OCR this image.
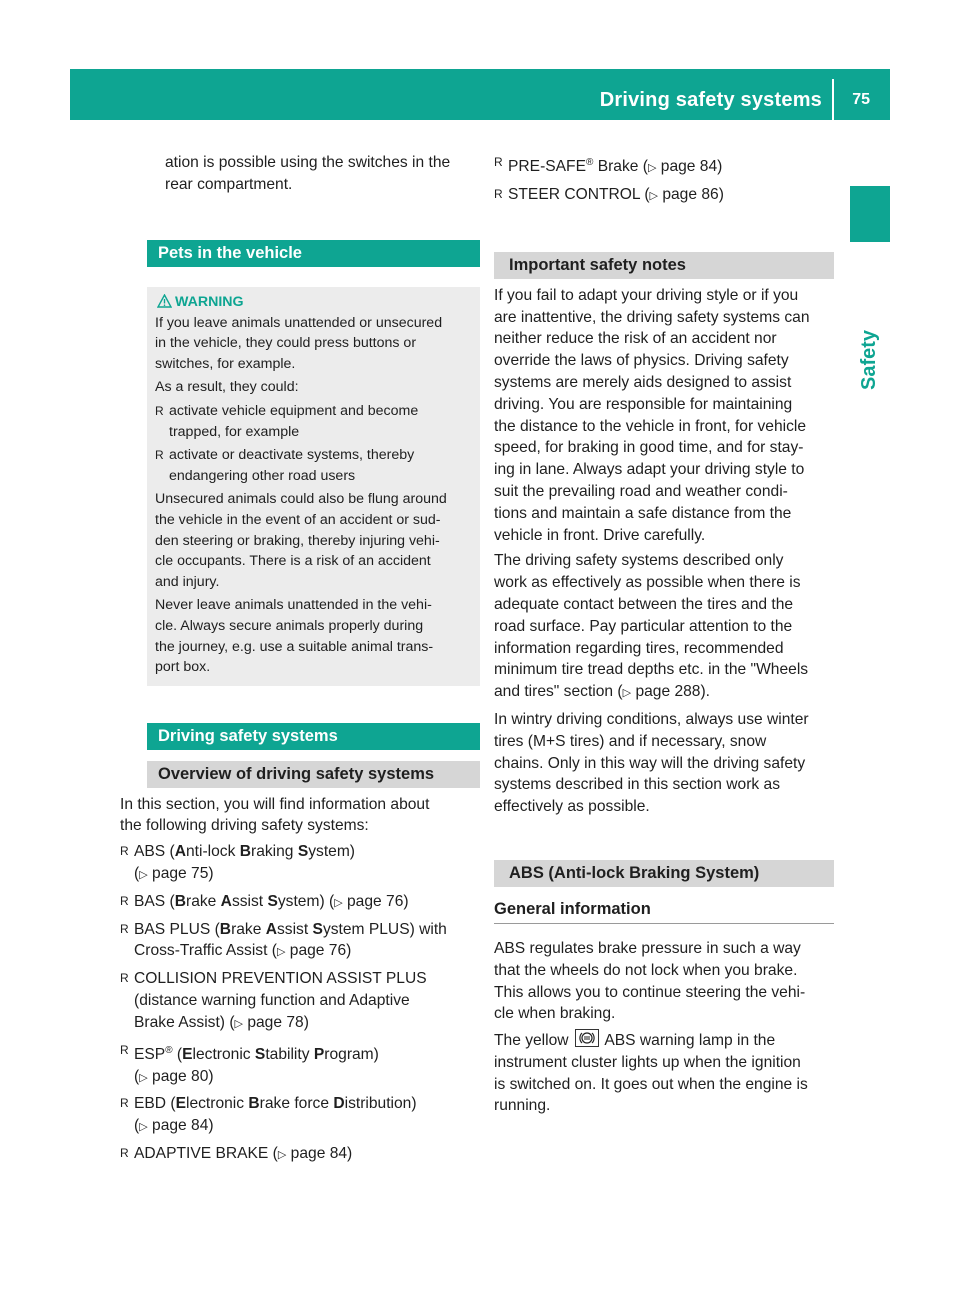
Driving safety systems 75
Safety
ation is possible using the switches in the
rear compartment.
Pets in the vehicle
WARNING

If you leave animals unattended or unsecured
in the vehicle, they could press buttons or
switches, for example.

As a result, they could:

R activate vehicle equipment and become
trapped, for example
R activate or deactivate systems, thereby
endangering other road users

Unsecured animals could also be flung around
the vehicle in the event of an accident or sud-
den steering or braking, thereby injuring vehi-
cle occupants. There is a risk of an accident
and injury.

Never leave animals unattended in the vehi-
cle. Always secure animals properly during
the journey, e.g. use a suitable animal trans-
port box.

Driving safety systems
Overview of driving safety systems

In this section, you will find information about
the following driving safety systems:

R ABS (Anti-lock Braking System)
(▷ page 75)
R BAS (Brake Assist System) (▷ page 76)
R BAS PLUS (Brake Assist System PLUS) with
Cross-Traffic Assist (▷ page 76)
R COLLISION PREVENTION ASSIST PLUS
(distance warning function and Adaptive
Brake Assist) (▷ page 78)
R ESP® (Electronic Stability Program)
(▷ page 80)
R EBD (Electronic Brake force Distribution)
(▷ page 84)
R ADAPTIVE BRAKE (▷ page 84)
R PRE-SAFE® Brake (▷ page 84)
R STEER CONTROL (▷ page 86)
Important safety notes

If you fail to adapt your driving style or if you
are inattentive, the driving safety systems can
neither reduce the risk of an accident nor
override the laws of physics. Driving safety
systems are merely aids designed to assist
driving. You are responsible for maintaining
the distance to the vehicle in front, for vehicle
speed, for braking in good time, and for stay-
ing in lane. Always adapt your driving style to
suit the prevailing road and weather condi-
tions and maintain a safe distance from the
vehicle in front. Drive carefully.

The driving safety systems described only
work as effectively as possible when there is
adequate contact between the tires and the
road surface. Pay particular attention to the
information regarding tires, recommended
minimum tire tread depths etc. in the "Wheels
and tires" section (▷ page 288).

In wintry driving conditions, always use winter
tires (M+S tires) and if necessary, snow
chains. Only in this way will the driving safety
systems described in this section work as
effectively as possible.

ABS (Anti-lock Braking System)
General information

ABS regulates brake pressure in such a way
that the wheels do not lock when you brake.
This allows you to continue steering the vehi-
cle when braking.

The yellow ABS warning lamp in the
instrument cluster lights up when the ignition
is switched on. It goes out when the engine is
running.
